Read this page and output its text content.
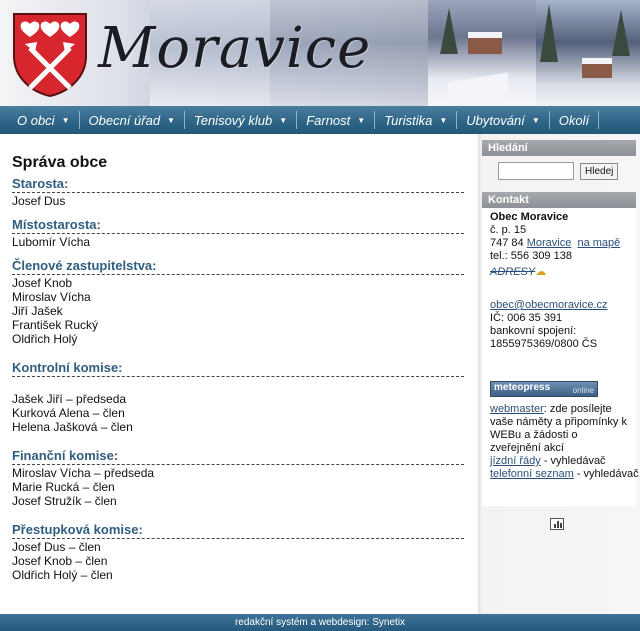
Moravice
O obci ▼ Obecní úřad ▼ Tenisový klub ▼ Farnost ▼ Turistika ▼ Ubytování ▼ Okolí
Správa obce
Starosta:
Josef Dus
Místostarosta:
Lubomír Vícha
Členové zastupitelstva:
Josef Knob
Miroslav Vícha
Jiří Jašek
František Rucký
Oldřich Holý
Kontrolní komise:
Jašek Jiří – předseda
Kurková Alena – člen
Helena Jašková – člen
Finanční komise:
Miroslav Vícha – předseda
Marie Rucká – člen
Josef Stružík – člen
Přestupková komise:
Josef Dus – člen
Josef Knob – člen
Oldřich Holý – člen
Hledání
Hledej
Kontakt
Obec Moravice
č. p. 15
747 84 Moravice na mapě
tel.: 556 309 138
ADRESY☁
obec@obecmoravice.cz
IČ: 006 35 391
bankovní spojení:
1855975369/0800 ČS
meteopress	online
webmaster: zde posílejte vaše náměty a připomínky k WEBu a žádosti o zveřejnění akcí
jízdní řády - vyhledávač
telefonní seznam - vyhledávač
redakční systém a webdesign: Synetix
